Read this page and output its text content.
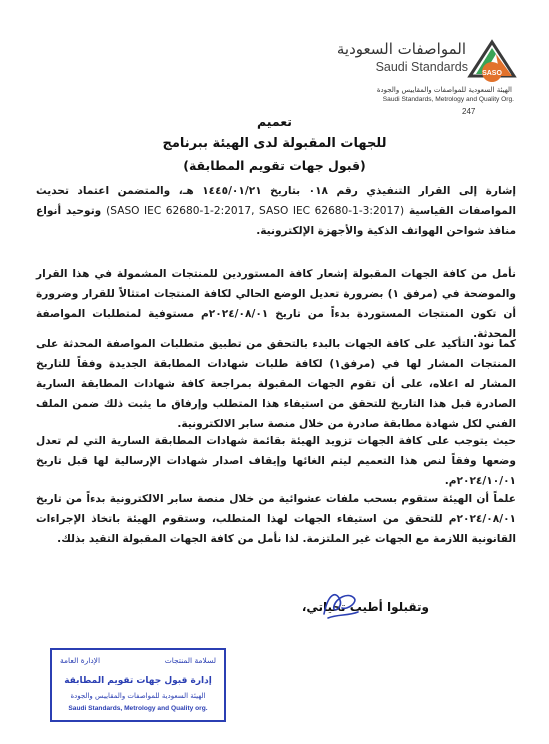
SASO
المواصفات السعودية
Saudi Standards
الهيئة السعودية للمواصفات والمقاييس والجودة
Saudi Standards, Metrology and Quality Org.
247
تعميم
للجهات المقبولة لدى الهيئة ببرنامج
(قبول جهات تقويم المطابقة)
إشارة إلى القرار التنفيذي رقم ٠١٨ بتاريخ ١٤٤٥/٠١/٢١ هـ، والمتضمن اعتماد تحديث المواصفات القياسية (SASO IEC 62680-1-2:2017, SASO IEC 62680-1-3:2017) وتوحيد أنواع منافذ شواحن الهواتف الذكية والأجهزة الإلكترونية.
نأمل من كافة الجهات المقبولة إشعار كافة المستوردين للمنتجات المشمولة في هذا القرار والموضحة في (مرفق ١) بضرورة تعديل الوضع الحالي لكافة المنتجات امتثالاً للقرار وضرورة أن تكون المنتجات المستوردة بدءاً من تاريخ ٢٠٢٤/٠٨/٠١م مستوفية لمتطلبات المواصفة المحدثة.
كما نود التأكيد على كافة الجهات بالبدء بالتحقق من تطبيق متطلبات المواصفة المحدثة على المنتجات المشار لها في (مرفق١) لكافة طلبات شهادات المطابقة الجديدة وفقاً للتاريخ المشار له اعلاه، على أن تقوم الجهات المقبولة بمراجعة كافة شهادات المطابقة السارية الصادرة قبل هذا التاريخ للتحقق من استيفاء هذا المتطلب وإرفاق ما يثبت ذلك ضمن الملف الفني لكل شهادة مطابقة صادرة من خلال منصة سابر الالكترونية.
حيث يتوجب على كافة الجهات تزويد الهيئة بقائمة شهادات المطابقة السارية التي لم تعدل وضعها وفقاً لنص هذا التعميم ليتم الغائها وإيقاف اصدار شهادات الإرسالية لها قبل تاريخ ٢٠٢٤/١٠/٠١م.
علماً أن الهيئة ستقوم بسحب ملفات عشوائية من خلال منصة سابر الالكترونية بدءاً من تاريخ ٢٠٢٤/٠٨/٠١م للتحقق من استيفاء الجهات لهذا المتطلب، وستقوم الهيئة باتخاذ الإجراءات القانونية اللازمة مع الجهات غير الملتزمة. لذا نأمل من كافة الجهات المقبولة التقيد بذلك.
وتقبلوا أطيب تحياتي،
الإدارة العامة	لسلامة المنتجات
إدارة قبول جهات تقويم المطابقة
الهيئة السعودية للمواصفات والمقاييس والجودة
Saudi Standards, Metrology and Quality org.
